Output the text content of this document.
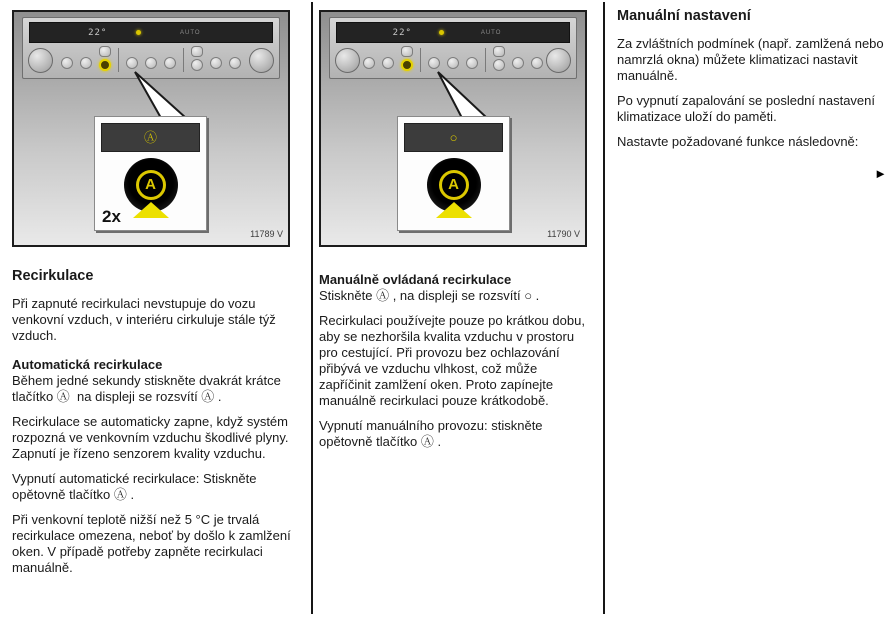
22°	AUTO
Ⓐ
A
2x
11789 V
Recirkulace
Při zapnuté recirkulaci nevstupuje do vozu venkovní vzduch, v interiéru cirkuluje stále týž vzduch.
Automatická recirkulace
Během jedné sekundy stiskněte dvakrát krátce tlačítko Ⓐ  na displeji se rozsvítí Ⓐ .
Recirkulace se automaticky zapne, když systém rozpozná ve venkovním vzduchu škodlivé plyny. Zapnutí je řízeno senzorem kvality vzduchu.
Vypnutí automatické recirkulace: Stiskněte opětovně tlačítko Ⓐ .
Při venkovní teplotě nižší než 5 °C je trvalá recirkulace omezena, neboť by došlo k zamlžení oken. V případě potřeby zapněte recirkulaci manuálně.
22°	AUTO
○
A
11790 V
Manuálně ovládaná recirkulace
Stiskněte Ⓐ , na displeji se rozsvítí ○ .
Recirkulaci používejte pouze po krátkou dobu, aby se nezhoršila kvalita vzduchu v prostoru pro cestující. Při provozu bez ochlazování přibývá ve vzduchu vlhkost, což může zapříčinit zamlžení oken. Proto zapínejte manuálně recirkulaci pouze krátkodobě.
Vypnutí manuálního provozu: stiskněte opětovně tlačítko Ⓐ .
Manuální nastavení
Za zvláštních podmínek (např. zamlžená nebo namrzlá okna) můžete klimatizaci nastavit manuálně.
Po vypnutí zapalování se poslední nastavení klimatizace uloží do paměti.
Nastavte požadované funkce následovně:
►
